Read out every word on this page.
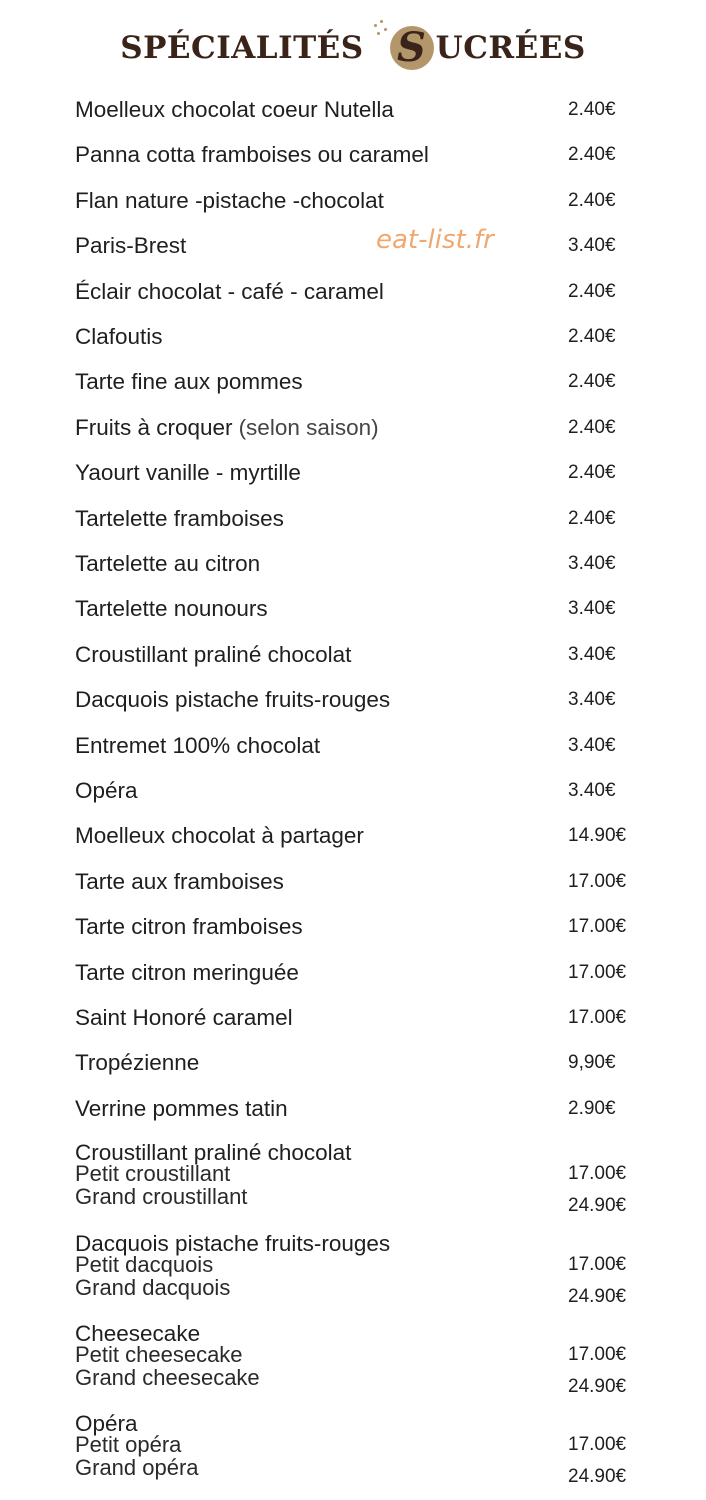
SPÉCIALITÉS S UCRÉES
eat-list.fr
Moelleux chocolat coeur Nutella	2.40€
Panna cotta framboises ou caramel	2.40€
Flan nature -pistache -chocolat	2.40€
Paris-Brest	3.40€
Éclair chocolat - café - caramel	2.40€
Clafoutis	2.40€
Tarte fine aux pommes	2.40€
Fruits à croquer (selon saison)	2.40€
Yaourt vanille - myrtille	2.40€
Tartelette framboises	2.40€
Tartelette au citron	3.40€
Tartelette nounours	3.40€
Croustillant praliné chocolat	3.40€
Dacquois pistache fruits-rouges	3.40€
Entremet 100% chocolat	3.40€
Opéra	3.40€
Moelleux chocolat à partager	14.90€
Tarte aux framboises	17.00€
Tarte citron framboises	17.00€
Tarte citron meringuée	17.00€
Saint Honoré caramel	17.00€
Tropézienne	9,90€
Verrine pommes tatin	2.90€
Croustillant praliné chocolat
Petit croustillant	17.00€
Grand croustillant	24.90€
Dacquois pistache fruits-rouges
Petit dacquois	17.00€
Grand dacquois	24.90€
Cheesecake
Petit cheesecake	17.00€
Grand cheesecake	24.90€
Opéra
Petit opéra	17.00€
Grand opéra	24.90€
